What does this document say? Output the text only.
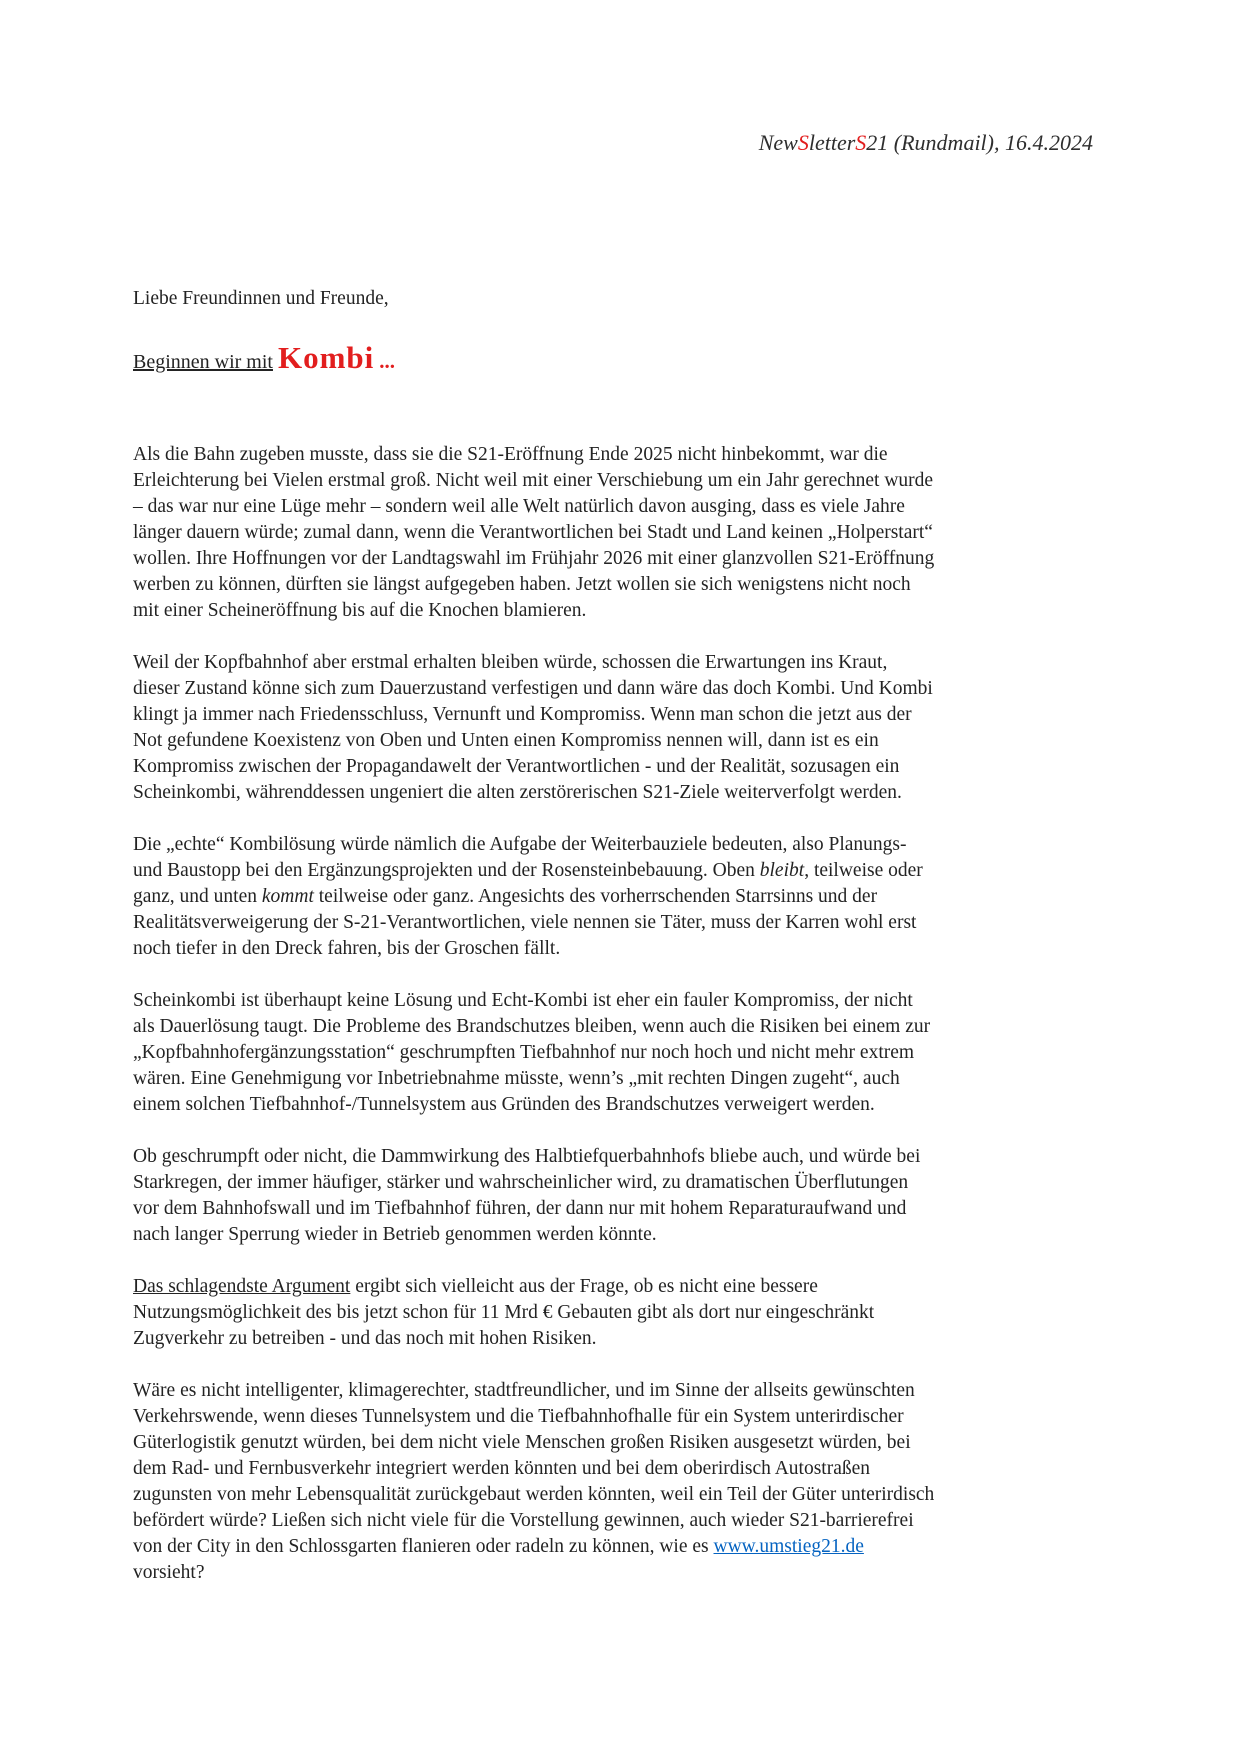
NewSletterS21 (Rundmail), 16.4.2024

Liebe Freundinnen und Freunde,

Beginnen wir mit Kombi ...

Als die Bahn zugeben musste, dass sie die S21-Eröffnung Ende 2025 nicht hinbekommt, war die
Erleichterung bei Vielen erstmal groß. Nicht weil mit einer Verschiebung um ein Jahr gerechnet wurde
– das war nur eine Lüge mehr – sondern weil alle Welt natürlich davon ausging, dass es viele Jahre
länger dauern würde; zumal dann, wenn die Verantwortlichen bei Stadt und Land keinen „Holperstart“
wollen. Ihre Hoffnungen vor der Landtagswahl im Frühjahr 2026 mit einer glanzvollen S21-Eröffnung
werben zu können, dürften sie längst aufgegeben haben. Jetzt wollen sie sich wenigstens nicht noch
mit einer Scheineröffnung bis auf die Knochen blamieren.

Weil der Kopfbahnhof aber erstmal erhalten bleiben würde, schossen die Erwartungen ins Kraut,
dieser Zustand könne sich zum Dauerzustand verfestigen und dann wäre das doch Kombi. Und Kombi
klingt ja immer nach Friedensschluss, Vernunft und Kompromiss. Wenn man schon die jetzt aus der
Not gefundene Koexistenz von Oben und Unten einen Kompromiss nennen will, dann ist es ein
Kompromiss zwischen der Propagandawelt der Verantwortlichen - und der Realität, sozusagen ein
Scheinkombi, währenddessen ungeniert die alten zerstörerischen S21-Ziele weiterverfolgt werden.

Die „echte“ Kombilösung würde nämlich die Aufgabe der Weiterbauziele bedeuten, also Planungs-
und Baustopp bei den Ergänzungsprojekten und der Rosensteinbebauung. Oben bleibt, teilweise oder
ganz, und unten kommt teilweise oder ganz. Angesichts des vorherrschenden Starrsinns und der
Realitätsverweigerung der S-21-Verantwortlichen, viele nennen sie Täter, muss der Karren wohl erst
noch tiefer in den Dreck fahren, bis der Groschen fällt.

Scheinkombi ist überhaupt keine Lösung und Echt-Kombi ist eher ein fauler Kompromiss, der nicht
als Dauerlösung taugt. Die Probleme des Brandschutzes bleiben, wenn auch die Risiken bei einem zur
„Kopfbahnhofergänzungsstation“ geschrumpften Tiefbahnhof nur noch hoch und nicht mehr extrem
wären. Eine Genehmigung vor Inbetriebnahme müsste, wenn’s „mit rechten Dingen zugeht“, auch
einem solchen Tiefbahnhof-/Tunnelsystem aus Gründen des Brandschutzes verweigert werden.

Ob geschrumpft oder nicht, die Dammwirkung des Halbtiefquerbahnhofs bliebe auch, und würde bei
Starkregen, der immer häufiger, stärker und wahrscheinlicher wird, zu dramatischen Überflutungen
vor dem Bahnhofswall und im Tiefbahnhof führen, der dann nur mit hohem Reparaturaufwand und
nach langer Sperrung wieder in Betrieb genommen werden könnte.

Das schlagendste Argument ergibt sich vielleicht aus der Frage, ob es nicht eine bessere
Nutzungsmöglichkeit des bis jetzt schon für 11 Mrd € Gebauten gibt als dort nur eingeschränkt
Zugverkehr zu betreiben - und das noch mit hohen Risiken.

Wäre es nicht intelligenter, klimagerechter, stadtfreundlicher, und im Sinne der allseits gewünschten
Verkehrswende, wenn dieses Tunnelsystem und die Tiefbahnhofhalle für ein System unterirdischer
Güterlogistik genutzt würden, bei dem nicht viele Menschen großen Risiken ausgesetzt würden, bei
dem Rad- und Fernbusverkehr integriert werden könnten und bei dem oberirdisch Autostraßen
zugunsten von mehr Lebensqualität zurückgebaut werden könnten, weil ein Teil der Güter unterirdisch
befördert würde? Ließen sich nicht viele für die Vorstellung gewinnen, auch wieder S21-barrierefrei
von der City in den Schlossgarten flanieren oder radeln zu können, wie es www.umstieg21.de
vorsieht?
